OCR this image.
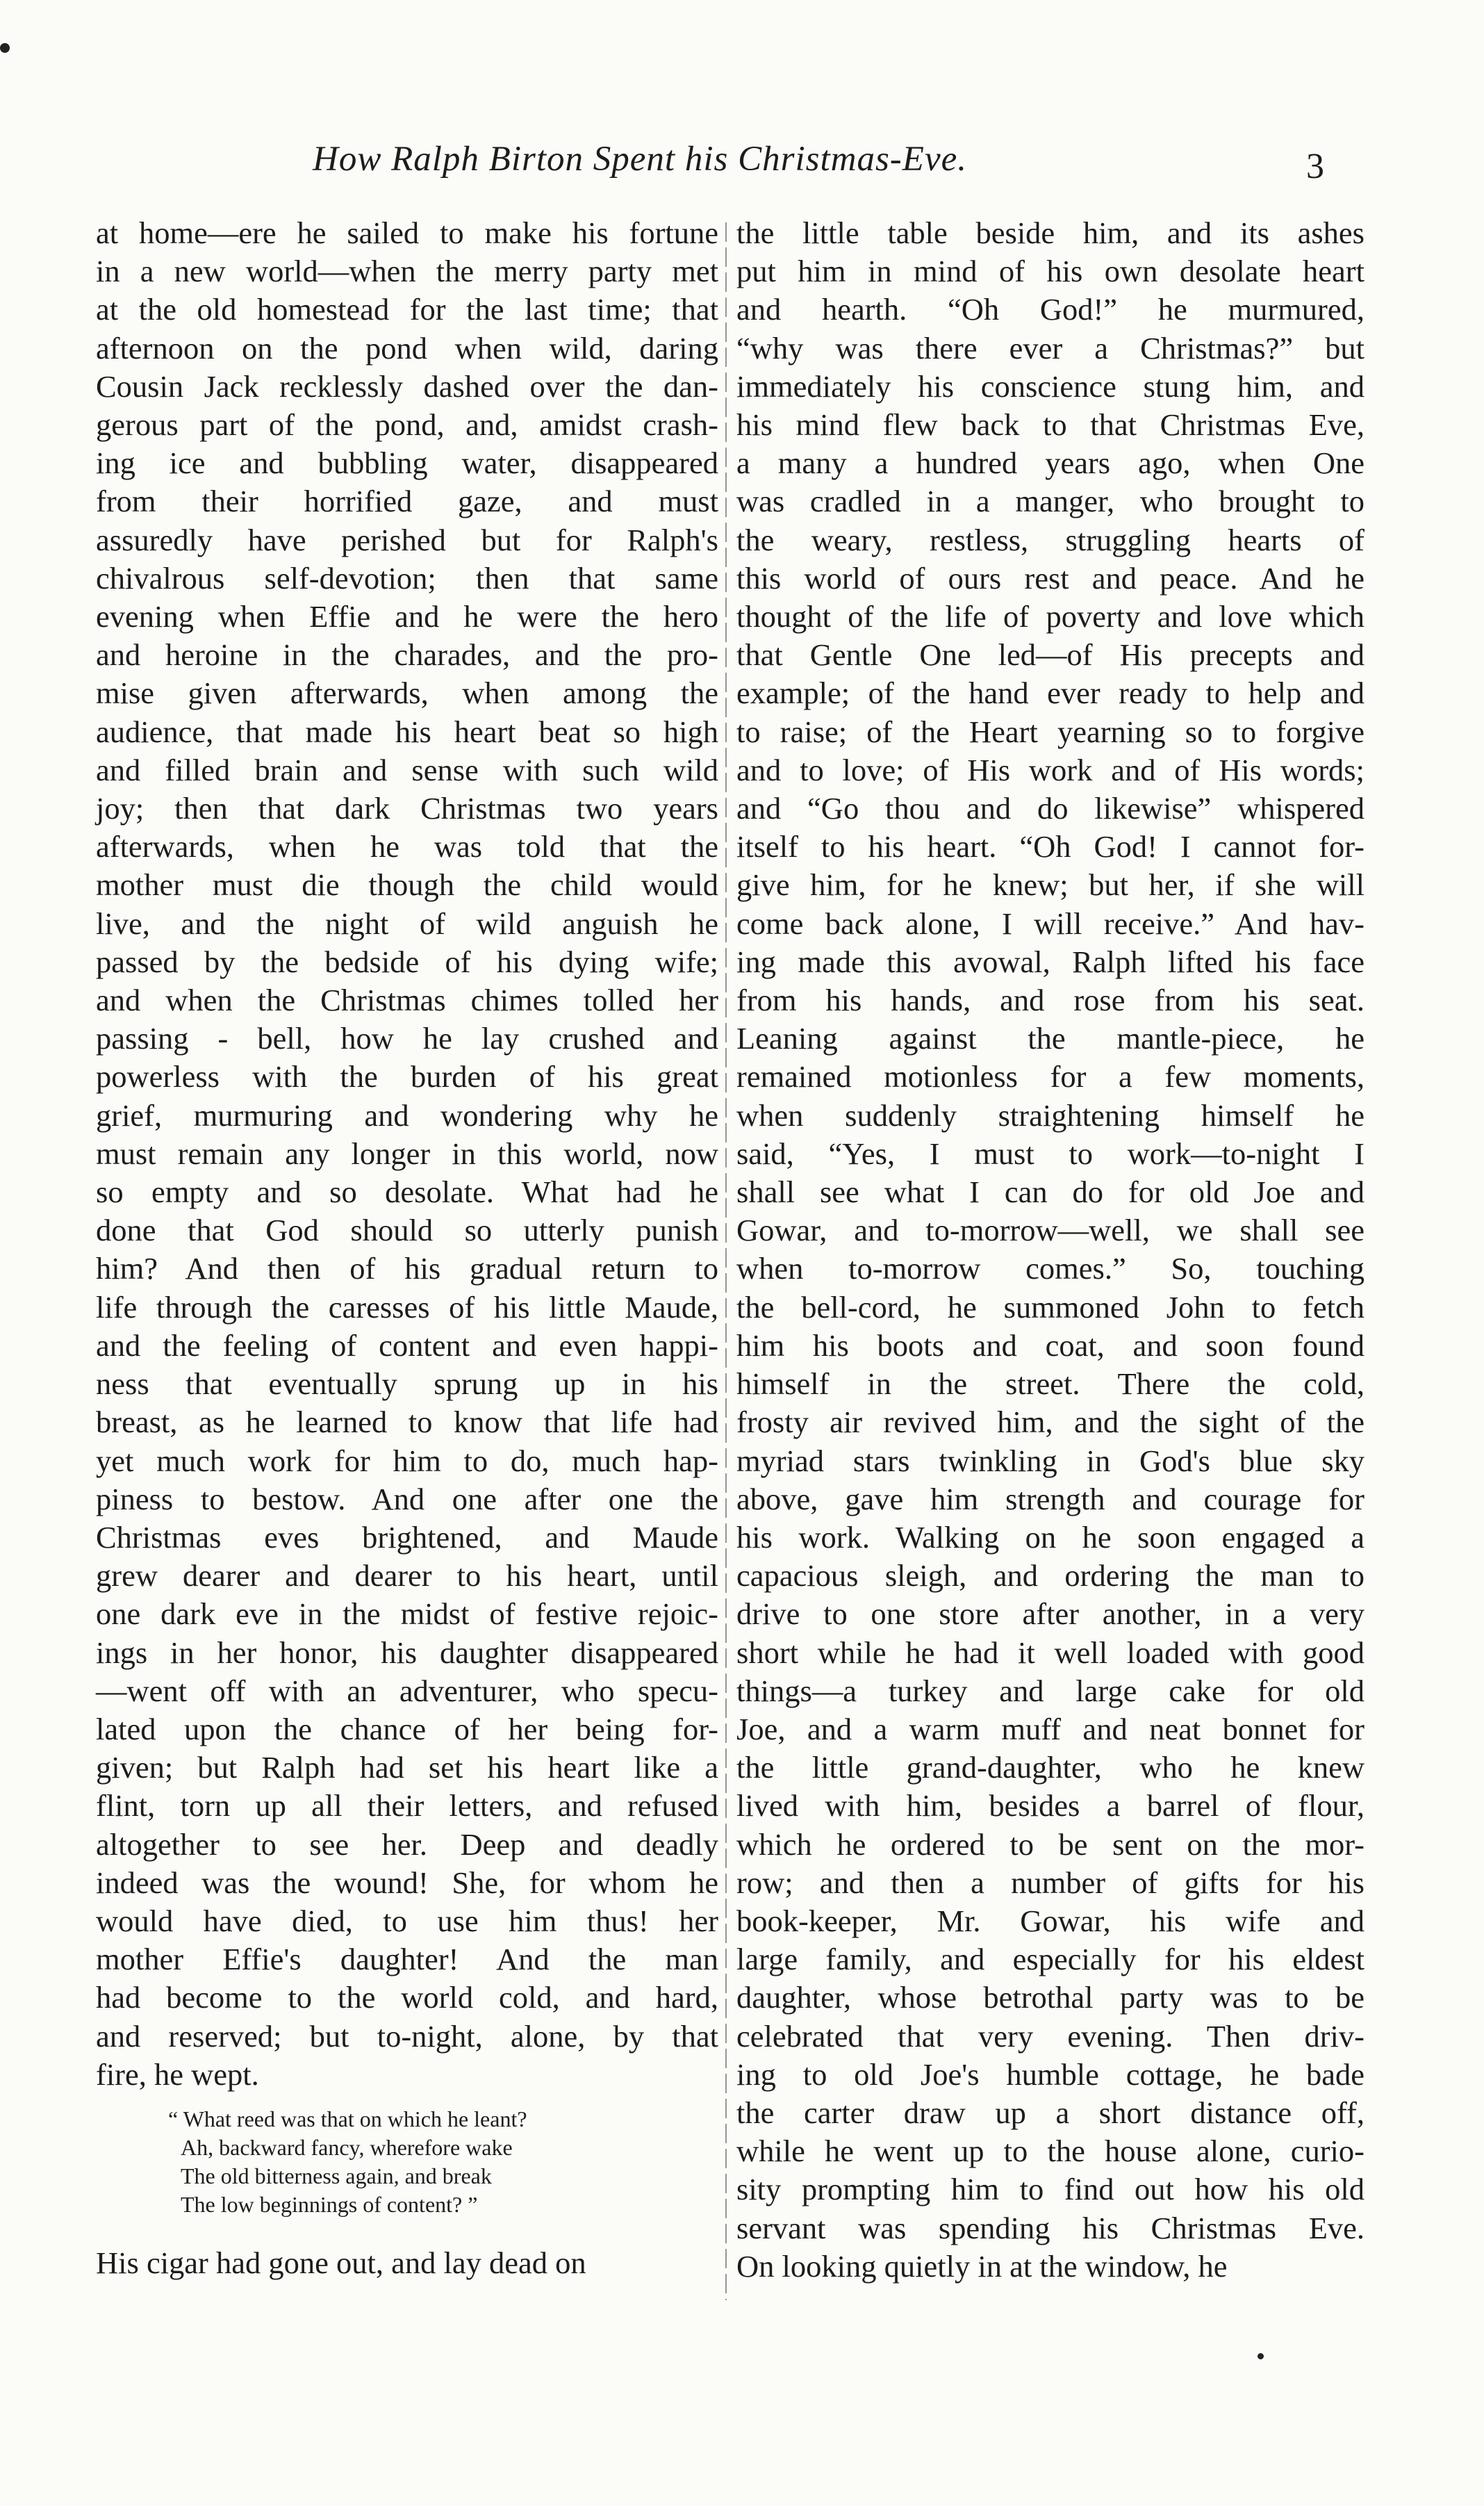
How Ralph Birton Spent his Christmas-Eve.	3
at home—ere he sailed to make his fortune
in a new world—when the merry party met
at the old homestead for the last time; that
afternoon on the pond when wild, daring
Cousin Jack recklessly dashed over the dan-
gerous part of the pond, and, amidst crash-
ing ice and bubbling water, disappeared
from their horrified gaze, and must
assuredly have perished but for Ralph's
chivalrous self-devotion; then that same
evening when Effie and he were the hero
and heroine in the charades, and the pro-
mise given afterwards, when among the
audience, that made his heart beat so high
and filled brain and sense with such wild
joy; then that dark Christmas two years
afterwards, when he was told that the
mother must die though the child would
live, and the night of wild anguish he
passed by the bedside of his dying wife;
and when the Christmas chimes tolled her
passing - bell, how he lay crushed and
powerless with the burden of his great
grief, murmuring and wondering why he
must remain any longer in this world, now
so empty and so desolate. What had he
done that God should so utterly punish
him? And then of his gradual return to
life through the caresses of his little Maude,
and the feeling of content and even happi-
ness that eventually sprung up in his
breast, as he learned to know that life had
yet much work for him to do, much hap-
piness to bestow. And one after one the
Christmas eves brightened, and Maude
grew dearer and dearer to his heart, until
one dark eve in the midst of festive rejoic-
ings in her honor, his daughter disappeared
—went off with an adventurer, who specu-
lated upon the chance of her being for-
given; but Ralph had set his heart like a
flint, torn up all their letters, and refused
altogether to see her. Deep and deadly
indeed was the wound! She, for whom he
would have died, to use him thus! her
mother Effie's daughter! And the man
had become to the world cold, and hard,
and reserved; but to-night, alone, by that
fire, he wept.
“ What reed was that on which he leant?
Ah, backward fancy, wherefore wake
The old bitterness again, and break
The low beginnings of content? ”
His cigar had gone out, and lay dead on
the little table beside him, and its ashes
put him in mind of his own desolate heart
and hearth. “Oh God!” he murmured,
“why was there ever a Christmas?” but
immediately his conscience stung him, and
his mind flew back to that Christmas Eve,
a many a hundred years ago, when One
was cradled in a manger, who brought to
the weary, restless, struggling hearts of
this world of ours rest and peace. And he
thought of the life of poverty and love which
that Gentle One led—of His precepts and
example; of the hand ever ready to help and
to raise; of the Heart yearning so to forgive
and to love; of His work and of His words;
and “Go thou and do likewise” whispered
itself to his heart. “Oh God! I cannot for-
give him, for he knew; but her, if she will
come back alone, I will receive.” And hav-
ing made this avowal, Ralph lifted his face
from his hands, and rose from his seat.
Leaning against the mantle-piece, he
remained motionless for a few moments,
when suddenly straightening himself he
said, “Yes, I must to work—to-night I
shall see what I can do for old Joe and
Gowar, and to-morrow—well, we shall see
when to-morrow comes.” So, touching
the bell-cord, he summoned John to fetch
him his boots and coat, and soon found
himself in the street. There the cold,
frosty air revived him, and the sight of the
myriad stars twinkling in God's blue sky
above, gave him strength and courage for
his work. Walking on he soon engaged a
capacious sleigh, and ordering the man to
drive to one store after another, in a very
short while he had it well loaded with good
things—a turkey and large cake for old
Joe, and a warm muff and neat bonnet for
the little grand-daughter, who he knew
lived with him, besides a barrel of flour,
which he ordered to be sent on the mor-
row; and then a number of gifts for his
book-keeper, Mr. Gowar, his wife and
large family, and especially for his eldest
daughter, whose betrothal party was to be
celebrated that very evening. Then driv-
ing to old Joe's humble cottage, he bade
the carter draw up a short distance off,
while he went up to the house alone, curio-
sity prompting him to find out how his old
servant was spending his Christmas Eve.
On looking quietly in at the window, he
